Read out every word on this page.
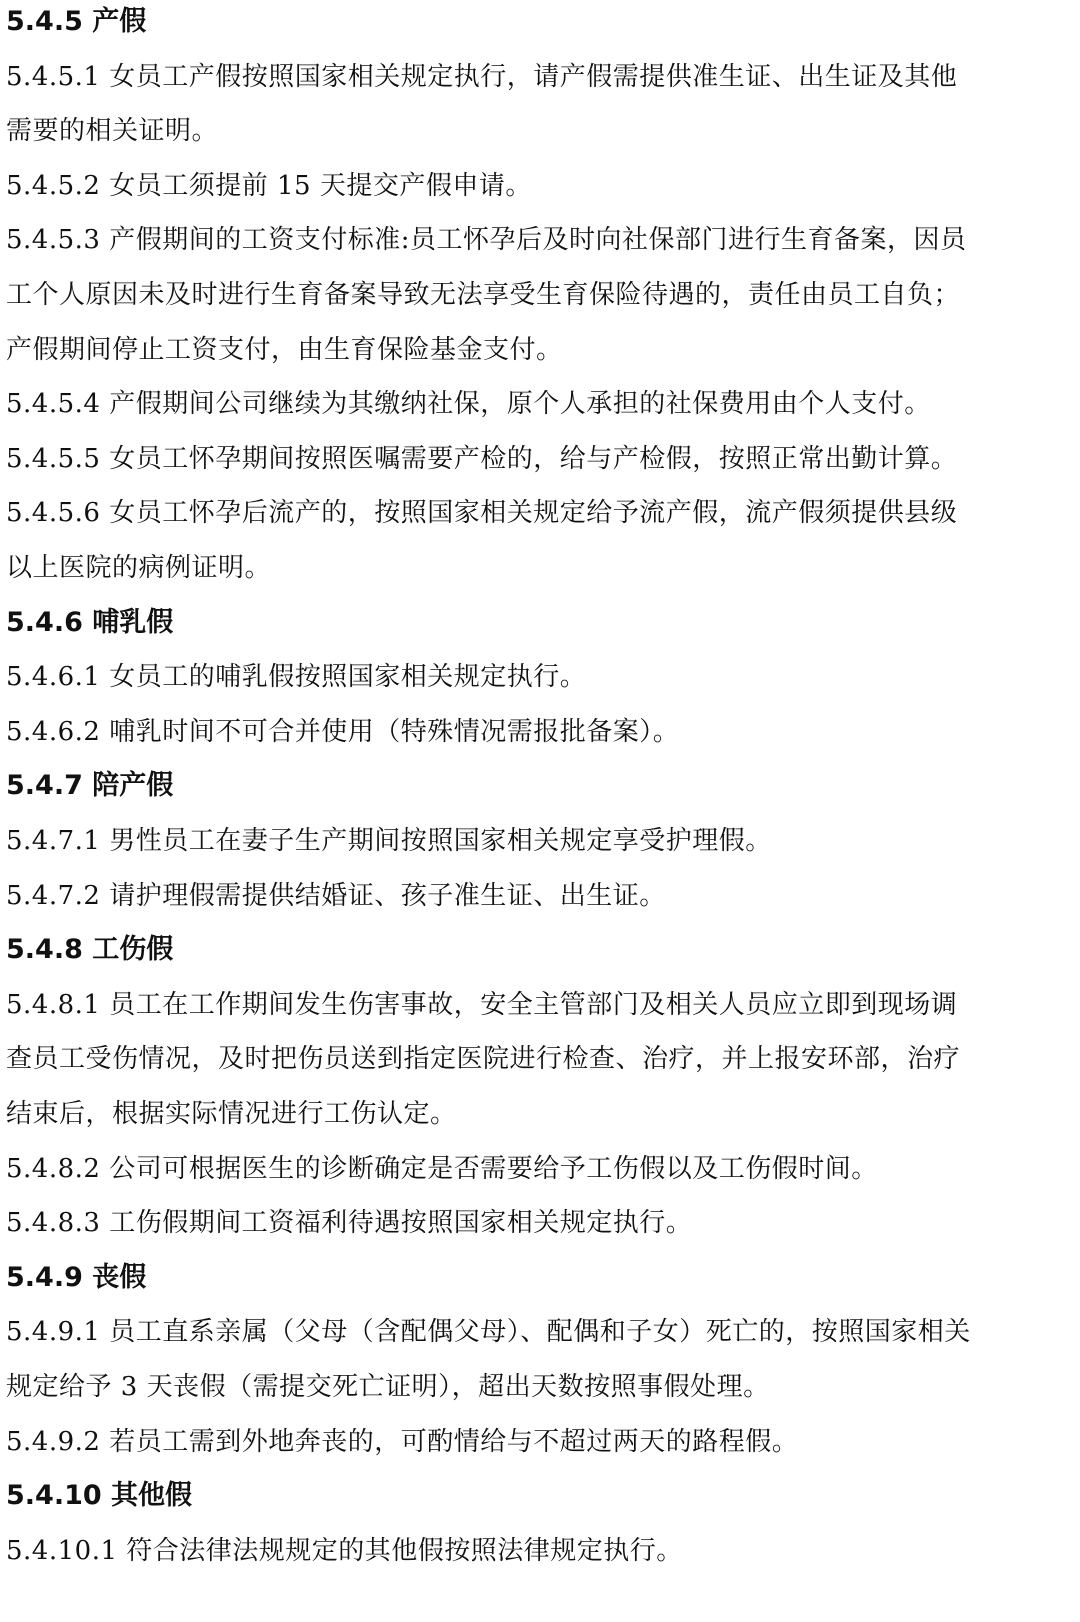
5.4.5 产假
5.4.5.1 女员工产假按照国家相关规定执行，请产假需提供准生证、出生证及其他
需要的相关证明。
5.4.5.2 女员工须提前 15 天提交产假申请。
5.4.5.3 产假期间的工资支付标准:员工怀孕后及时向社保部门进行生育备案，因员
工个人原因未及时进行生育备案导致无法享受生育保险待遇的，责任由员工自负；
产假期间停止工资支付，由生育保险基金支付。
5.4.5.4 产假期间公司继续为其缴纳社保，原个人承担的社保费用由个人支付。
5.4.5.5 女员工怀孕期间按照医嘱需要产检的，给与产检假，按照正常出勤计算。
5.4.5.6 女员工怀孕后流产的，按照国家相关规定给予流产假，流产假须提供县级
以上医院的病例证明。
5.4.6 哺乳假
5.4.6.1 女员工的哺乳假按照国家相关规定执行。
5.4.6.2 哺乳时间不可合并使用（特殊情况需报批备案）。
5.4.7 陪产假
5.4.7.1 男性员工在妻子生产期间按照国家相关规定享受护理假。
5.4.7.2 请护理假需提供结婚证、孩子准生证、出生证。
5.4.8 工伤假
5.4.8.1 员工在工作期间发生伤害事故，安全主管部门及相关人员应立即到现场调
查员工受伤情况，及时把伤员送到指定医院进行检查、治疗，并上报安环部，治疗
结束后，根据实际情况进行工伤认定。
5.4.8.2 公司可根据医生的诊断确定是否需要给予工伤假以及工伤假时间。
5.4.8.3 工伤假期间工资福利待遇按照国家相关规定执行。
5.4.9 丧假
5.4.9.1 员工直系亲属（父母（含配偶父母）、配偶和子女）死亡的，按照国家相关
规定给予 3 天丧假（需提交死亡证明），超出天数按照事假处理。
5.4.9.2 若员工需到外地奔丧的，可酌情给与不超过两天的路程假。
5.4.10 其他假
5.4.10.1 符合法律法规规定的其他假按照法律规定执行。
